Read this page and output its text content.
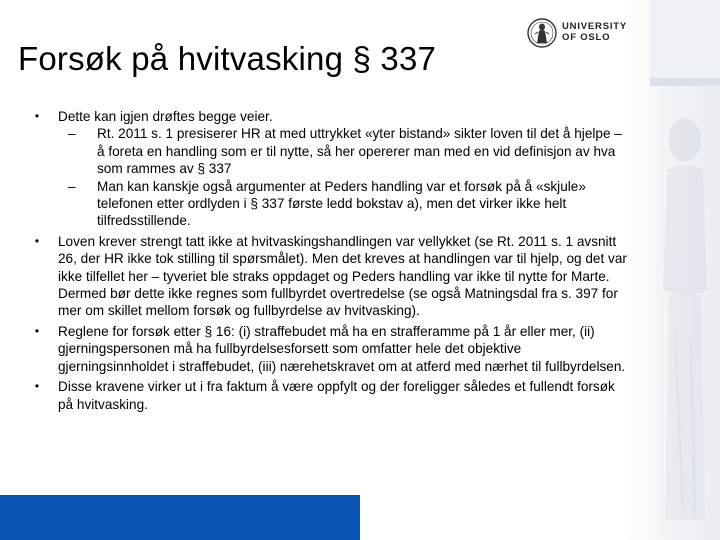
UNIVERSITY
OF OSLO
Forsøk på hvitvasking § 337
• Dette kan igjen drøftes begge veier.
– Rt. 2011 s. 1 presiserer HR at med uttrykket «yter bistand» sikter loven til det å hjelpe – å foreta en handling som er til nytte, så her opererer man med en vid definisjon av hva som rammes av § 337
– Man kan kanskje også argumenter at Peders handling var et forsøk på å «skjule» telefonen etter ordlyden i § 337 første ledd bokstav a), men det virker ikke helt tilfredsstillende.
• Loven krever strengt tatt ikke at hvitvaskingshandlingen var vellykket (se Rt. 2011 s. 1 avsnitt 26, der HR ikke tok stilling til spørsmålet). Men det kreves at handlingen var til hjelp, og det var ikke tilfellet her – tyveriet ble straks oppdaget og Peders handling var ikke til nytte for Marte. Dermed bør dette ikke regnes som fullbyrdet overtredelse (se også Matningsdal fra s. 397 for mer om skillet mellom forsøk og fullbyrdelse av hvitvasking).
• Reglene for forsøk etter § 16: (i) straffebudet må ha en strafferamme på 1 år eller mer, (ii) gjerningspersonen må ha fullbyrdelsesforsett som omfatter hele det objektive gjerningsinnholdet i straffebudet, (iii) nærehetskravet om at atferd med nærhet til fullbyrdelsen.
• Disse kravene virker ut i fra faktum å være oppfylt og der foreligger således et fullendt forsøk på hvitvasking.
